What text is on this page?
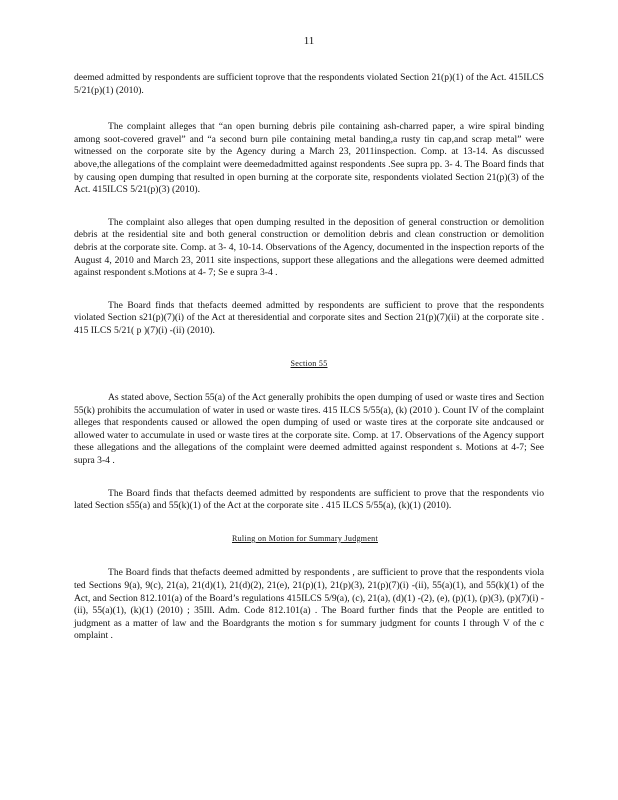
11

deemed admitted by respondents are sufficient toprove that the respondents violated Section 21(p)(1) of the Act. 415ILCS 5/21(p)(1) (2010).

The complaint alleges that “an open burning debris pile containing ash-charred paper, a wire spiral binding among soot-covered gravel” and “a second burn pile containing metal banding,a rusty tin cap,and scrap metal” were witnessed on the corporate site by the Agency during a March 23, 2011inspection. Comp. at 13-14. As discussed above,the allegations of the complaint were deemedadmitted against respondents .See supra pp. 3- 4. The Board finds that by causing open dumping that resulted in open burning at the corporate site, respondents violated Section 21(p)(3) of the Act. 415ILCS 5/21(p)(3) (2010).

The complaint also alleges that open dumping resulted in the deposition of general construction or demolition debris at the residential site and both general construction or demolition debris and clean construction or demolition debris at the corporate site. Comp. at 3- 4, 10-14. Observations of the Agency, documented in the inspection reports of the August 4, 2010 and March 23, 2011 site inspections, support these allegations and the allegations were deemed admitted against respondent s.Motions at 4- 7; Se e supra 3-4 .

The Board finds that thefacts deemed admitted by respondents are sufficient to prove that the respondents violated Section s21(p)(7)(i) of the Act at theresidential and corporate sites and Section 21(p)(7)(ii) at the corporate site . 415 ILCS 5/21( p )(7)(i) -(ii) (2010).

Section 55

As stated above, Section 55(a) of the Act generally prohibits the open dumping of used or waste tires and Section 55(k) prohibits the accumulation of water in used or waste tires. 415 ILCS 5/55(a), (k) (2010 ). Count IV of the complaint alleges that respondents caused or allowed the open dumping of used or waste tires at the corporate site andcaused or allowed water to accumulate in used or waste tires at the corporate site. Comp. at 17. Observations of the Agency support these allegations and the allegations of the complaint were deemed admitted against respondent s. Motions at 4-7; See supra 3-4 .

The Board finds that thefacts deemed admitted by respondents are sufficient to prove that the respondents vio lated Section s55(a) and 55(k)(1) of the Act at the corporate site . 415 ILCS 5/55(a), (k)(1) (2010).

Ruling on Motion for Summary Judgment

The Board finds that thefacts deemed admitted by respondents , are sufficient to prove that the respondents viola ted Sections 9(a), 9(c), 21(a), 21(d)(1), 21(d)(2), 21(e), 21(p)(1), 21(p)(3), 21(p)(7)(i) -(ii), 55(a)(1), and 55(k)(1) of the Act, and Section 812.101(a) of the Board’s regulations 415ILCS 5/9(a), (c), 21(a), (d)(1) -(2), (e), (p)(1), (p)(3), (p)(7)(i) -(ii), 55(a)(1), (k)(1) (2010) ; 35Ill. Adm. Code 812.101(a) . The Board further finds that the People are entitled to judgment as a matter of law and the Boardgrants the motion s for summary judgment for counts I through V of the c omplaint .
